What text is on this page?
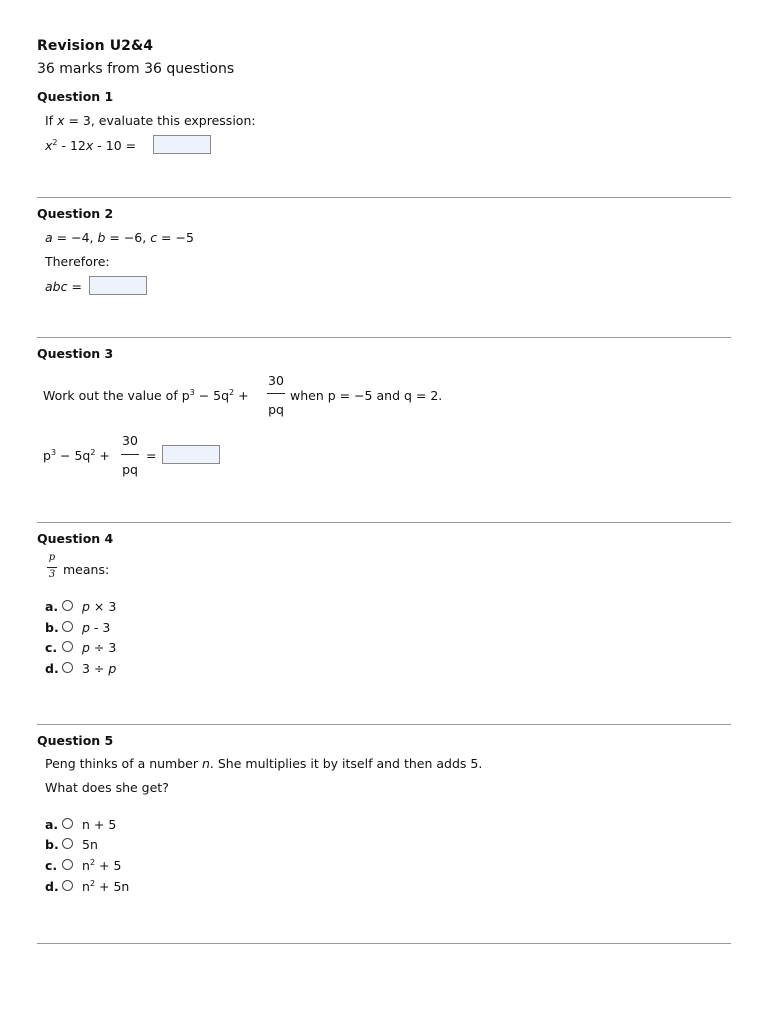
Revision U2&4
36 marks from 36 questions
Question 1
If x = 3, evaluate this expression:
$x^2 - 12x - 10$ =
Question 2
a = −4, b = −6, c = −5
Therefore:
abc =
Question 3
Work out the value of $p^3 - 5q^2$ +
30
pq
when p = −5 and q = 2.
$p^3 - 5q^2$ +
30
pq
=
Question 4
p
3 means:
a. p × 3
b. p - 3
c. p ÷ 3
d. 3 ÷ p
Question 5
Peng thinks of a number n. She multiplies it by itself and then adds 5.
What does she get?
a. n + 5
b. 5n
c. $n^2 + 5$
d. $n^2 + 5n$
